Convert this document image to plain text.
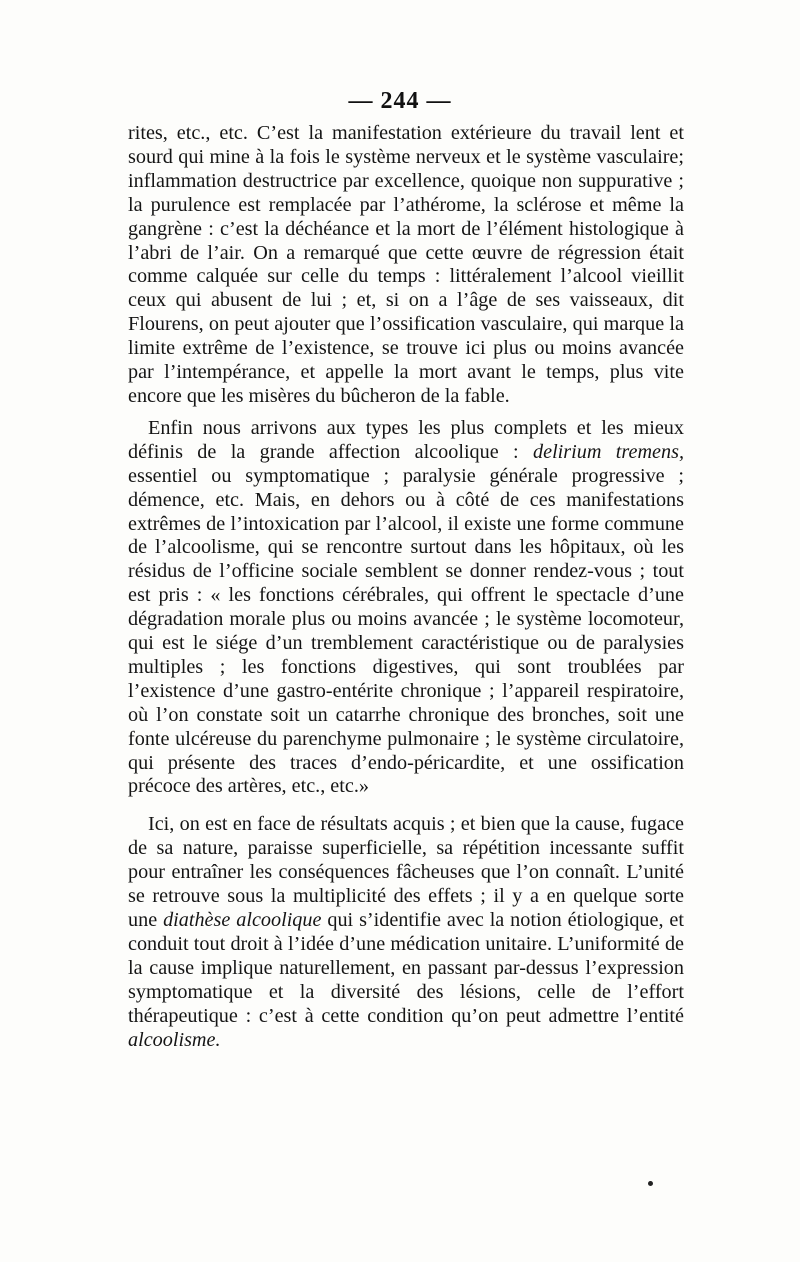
— 244 —

rites, etc., etc. C’est la manifestation extérieure du travail lent et sourd qui mine à la fois le système nerveux et le système vasculaire; inflammation destructrice par excellence, quoique non suppurative ; la purulence est remplacée par l’athérome, la sclérose et même la gangrène : c’est la déchéance et la mort de l’élément histologique à l’abri de l’air. On a remarqué que cette œuvre de régression était comme calquée sur celle du temps : littéralement l’alcool vieillit ceux qui abusent de lui ; et, si on a l’âge de ses vaisseaux, dit Flourens, on peut ajouter que l’ossification vasculaire, qui marque la limite extrême de l’existence, se trouve ici plus ou moins avancée par l’intempérance, et appelle la mort avant le temps, plus vite encore que les misères du bûcheron de la fable.

Enfin nous arrivons aux types les plus complets et les mieux définis de la grande affection alcoolique : delirium tremens, essentiel ou symptomatique ; paralysie générale progressive ; démence, etc. Mais, en dehors ou à côté de ces manifestations extrêmes de l’intoxication par l’alcool, il existe une forme commune de l’alcoolisme, qui se rencontre surtout dans les hôpitaux, où les résidus de l’officine sociale semblent se donner rendez-vous ; tout est pris : « les fonctions cérébrales, qui offrent le spectacle d’une dégradation morale plus ou moins avancée ; le système locomoteur, qui est le siége d’un tremblement caractéristique ou de paralysies multiples ; les fonctions digestives, qui sont troublées par l’existence d’une gastro-entérite chronique ; l’appareil respiratoire, où l’on constate soit un catarrhe chronique des bronches, soit une fonte ulcéreuse du parenchyme pulmonaire ; le système circulatoire, qui présente des traces d’endo-péricardite, et une ossification précoce des artères, etc., etc.»

Ici, on est en face de résultats acquis ; et bien que la cause, fugace de sa nature, paraisse superficielle, sa répétition incessante suffit pour entraîner les conséquences fâcheuses que l’on connaît. L’unité se retrouve sous la multiplicité des effets ; il y a en quelque sorte une diathèse alcoolique qui s’identifie avec la notion étiologique, et conduit tout droit à l’idée d’une médication unitaire. L’uniformité de la cause implique naturellement, en passant par-dessus l’expression symptomatique et la diversité des lésions, celle de l’effort thérapeutique : c’est à cette condition qu’on peut admettre l’entité alcoolisme.
